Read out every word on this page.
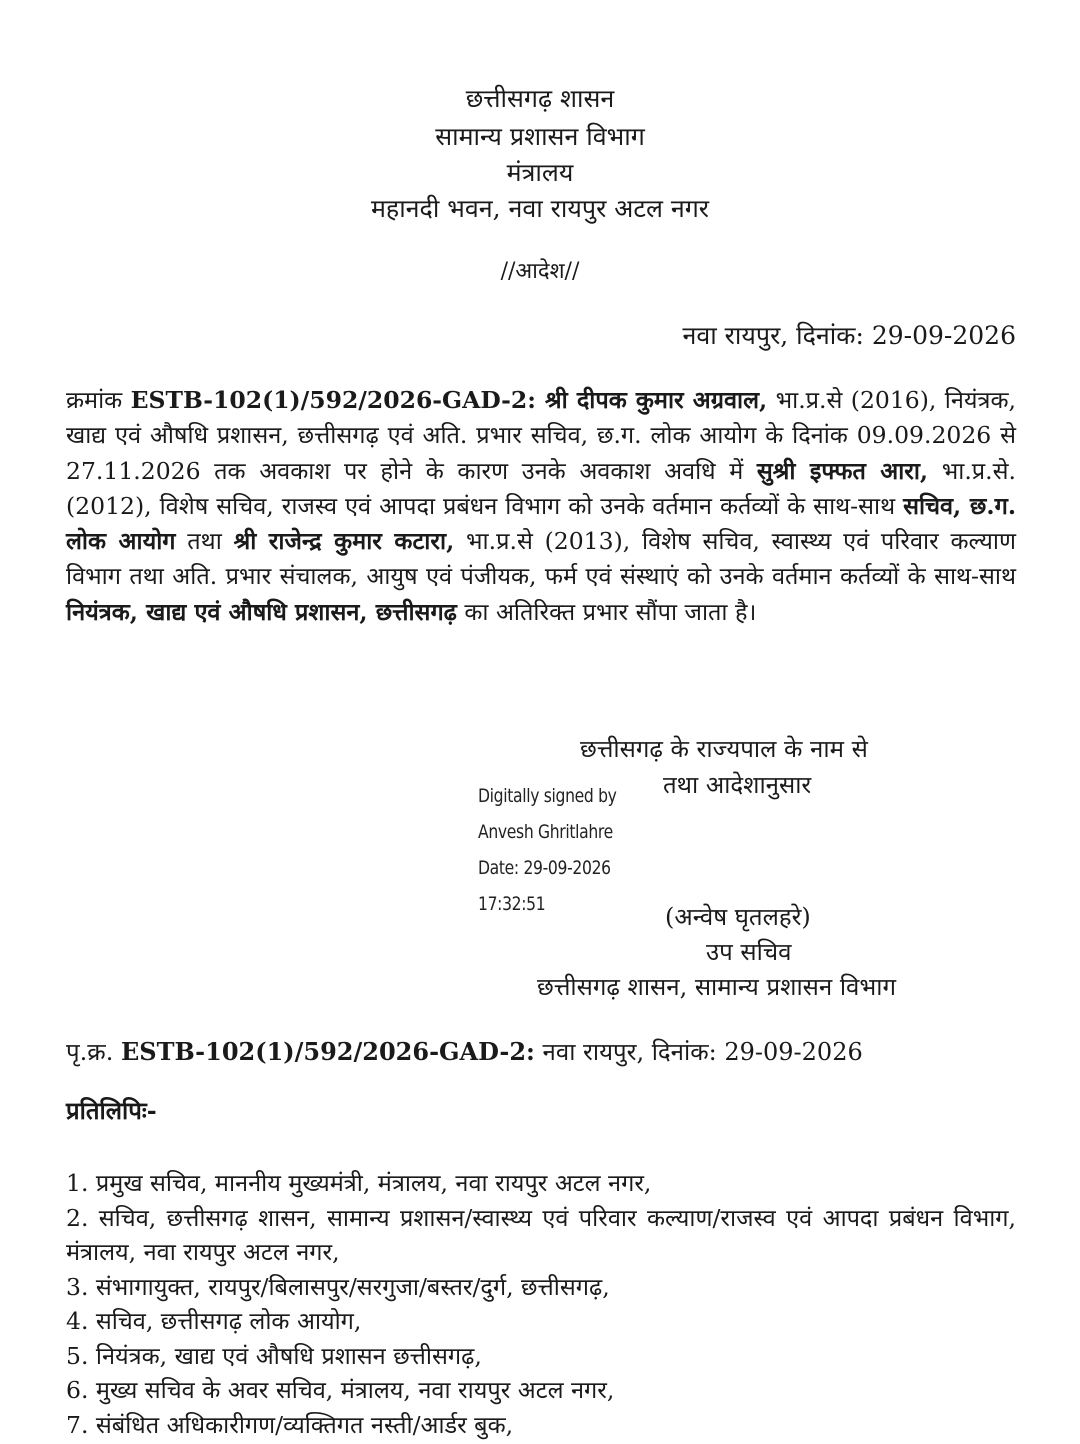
छत्तीसगढ़ शासन
सामान्य प्रशासन विभाग
मंत्रालय
महानदी भवन, नवा रायपुर अटल नगर
//आदेश//
नवा रायपुर, दिनांक: 29-09-2026

क्रमांक ESTB-102(1)/592/2026-GAD-2: श्री दीपक कुमार अग्रवाल, भा.प्र.से (2016), नियंत्रक, खाद्य एवं औषधि प्रशासन, छत्तीसगढ़ एवं अति. प्रभार सचिव, छ.ग. लोक आयोग के दिनांक 09.09.2026 से 27.11.2026 तक अवकाश पर होने के कारण उनके अवकाश अवधि में सुश्री इफ्फत आरा, भा.प्र.से. (2012), विशेष सचिव, राजस्व एवं आपदा प्रबंधन विभाग को उनके वर्तमान कर्तव्यों के साथ-साथ सचिव, छ.ग. लोक आयोग तथा श्री राजेन्द्र कुमार कटारा, भा.प्र.से (2013), विशेष सचिव, स्वास्थ्य एवं परिवार कल्याण विभाग तथा अति. प्रभार संचालक, आयुष एवं पंजीयक, फर्म एवं संस्थाएं को उनके वर्तमान कर्तव्यों के साथ-साथ नियंत्रक, खाद्य एवं औषधि प्रशासन, छत्तीसगढ़ का अतिरिक्त प्रभार सौंपा जाता है।

छत्तीसगढ़ के राज्यपाल के नाम से
तथा आदेशानुसार
Digitally signed by
Anvesh Ghritlahre
Date: 29-09-2026
17:32:51	(अन्वेष घृतलहरे)
उप सचिव
छत्तीसगढ़ शासन, सामान्य प्रशासन विभाग
पृ.क्र. ESTB-102(1)/592/2026-GAD-2: नवा रायपुर, दिनांक: 29-09-2026
प्रतिलिपिः-
1. प्रमुख सचिव, माननीय मुख्यमंत्री, मंत्रालय, नवा रायपुर अटल नगर,
2. सचिव, छत्तीसगढ़ शासन, सामान्य प्रशासन/स्वास्थ्य एवं परिवार कल्याण/राजस्व एवं आपदा प्रबंधन विभाग, मंत्रालय, नवा रायपुर अटल नगर,
3. संभागायुक्त, रायपुर/बिलासपुर/सरगुजा/बस्तर/दुर्ग, छत्तीसगढ़,
4. सचिव, छत्तीसगढ़ लोक आयोग,
5. नियंत्रक, खाद्य एवं औषधि प्रशासन छत्तीसगढ़,
6. मुख्य सचिव के अवर सचिव, मंत्रालय, नवा रायपुर अटल नगर,
7. संबंधित अधिकारीगण/व्यक्तिगत नस्ती/आर्डर बुक,
